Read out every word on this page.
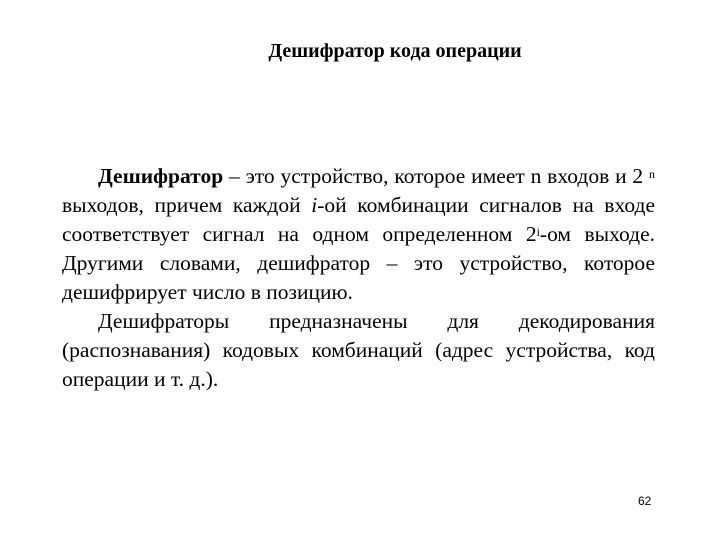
Дешифратор кода операции

Дешифратор – это устройство, которое имеет n входов и 2 $^n$ выходов, причем каждой i-ой комбинации сигналов на входе соответствует сигнал на одном определенном 2$^i$-ом выходе. Другими словами, дешифратор – это устройство, которое дешифрирует число в позицию.

Дешифраторы предназначены для декодирования (распознавания) кодовых комбинаций (адрес устройства, код операции и т. д.).

62
